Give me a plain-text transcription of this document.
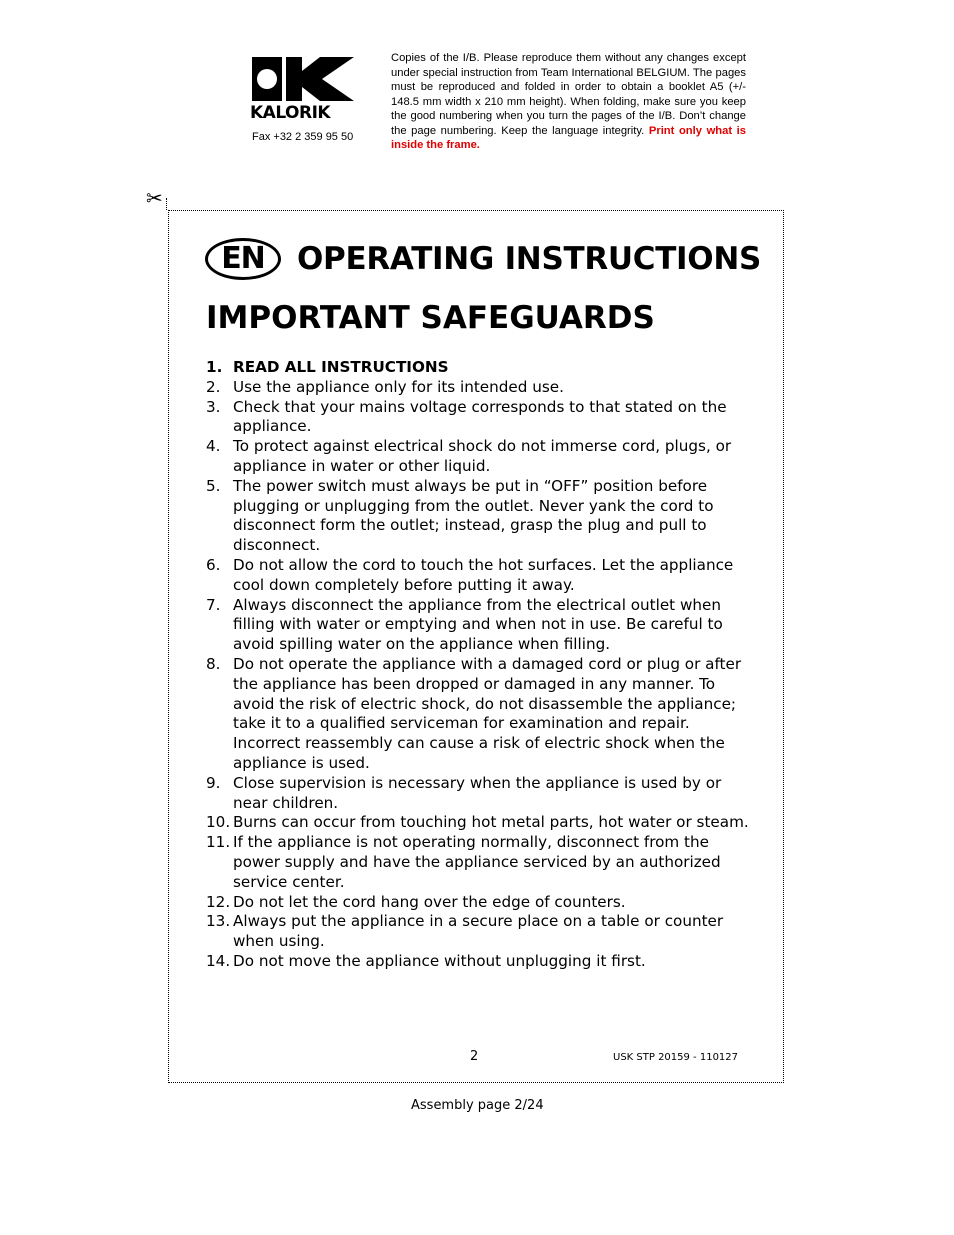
KALORIK
Fax +32 2 359 95 50
Copies of the I/B. Please reproduce them without any changes except under special instruction from Team International BELGIUM. The pages must be reproduced and folded in order to obtain a booklet A5 (+/- 148.5 mm width x 210 mm height). When folding, make sure you keep the good numbering when you turn the pages of the I/B. Don’t change the page numbering. Keep the language integrity. Print only what is inside the frame.
✂
EN	OPERATING INSTRUCTIONS
IMPORTANT SAFEGUARDS
1. READ ALL INSTRUCTIONS
2. Use the appliance only for its intended use.
3. Check that your mains voltage corresponds to that stated on the appliance.
4. To protect against electrical shock do not immerse cord, plugs, or appliance in water or other liquid.
5. The power switch must always be put in “OFF” position before plugging or unplugging from the outlet. Never yank the cord to disconnect form the outlet; instead, grasp the plug and pull to disconnect.
6. Do not allow the cord to touch the hot surfaces. Let the appliance cool down completely before putting it away.
7. Always disconnect the appliance from the electrical outlet when filling with water or emptying and when not in use. Be careful to avoid spilling water on the appliance when filling.
8. Do not operate the appliance with a damaged cord or plug or after the appliance has been dropped or damaged in any manner. To avoid the risk of electric shock, do not disassemble the appliance; take it to a qualified serviceman for examination and repair. Incorrect reassembly can cause a risk of electric shock when the appliance is used.
9. Close supervision is necessary when the appliance is used by or near children.
10. Burns can occur from touching hot metal parts, hot water or steam.
11. If the appliance is not operating normally, disconnect from the power supply and have the appliance serviced by an authorized service center.
12. Do not let the cord hang over the edge of counters.
13. Always put the appliance in a secure place on a table or counter when using.
14. Do not move the appliance without unplugging it first.
2	USK STP 20159 - 110127
Assembly page 2/24
